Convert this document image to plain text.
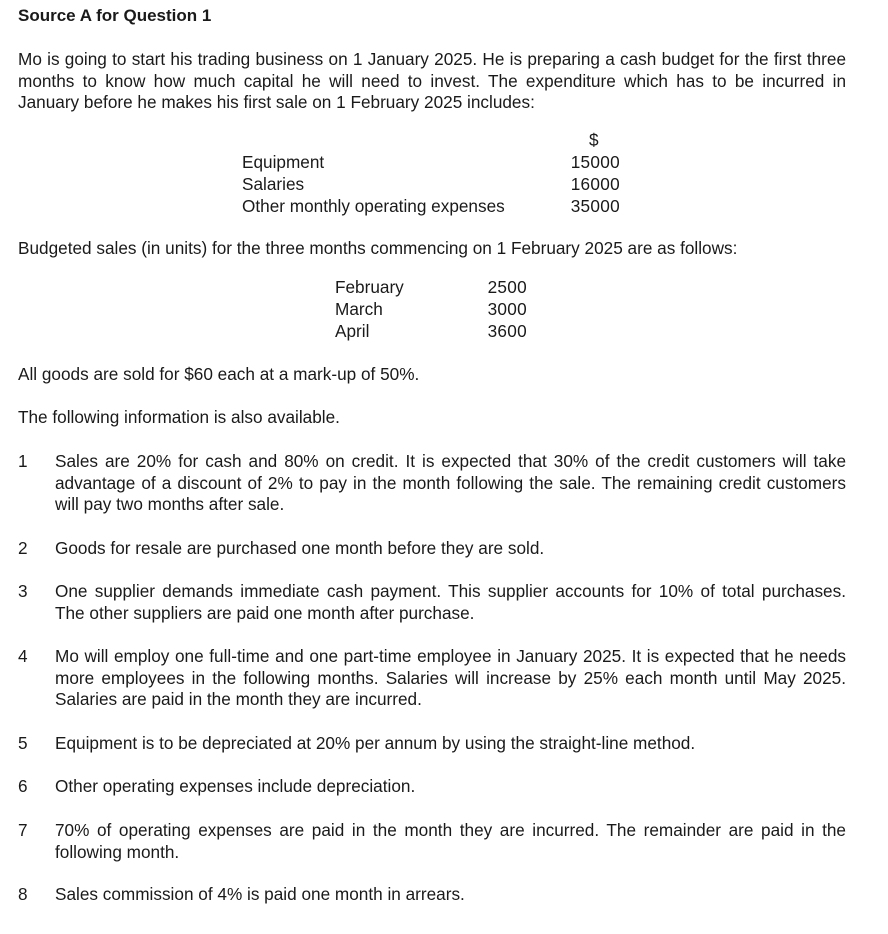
Source A for Question 1
Mo is going to start his trading business on 1 January 2025. He is preparing a cash budget for the first three months to know how much capital he will need to invest. The expenditure which has to be incurred in January before he makes his first sale on 1 February 2025 includes:
$
Equipment	15000
Salaries	16000
Other monthly operating expenses	35000
Budgeted sales (in units) for the three months commencing on 1 February 2025 are as follows:
February	2500
March	3000
April	3600
All goods are sold for $60 each at a mark-up of 50%.
The following information is also available.
1 Sales are 20% for cash and 80% on credit. It is expected that 30% of the credit customers will take advantage of a discount of 2% to pay in the month following the sale. The remaining credit customers will pay two months after sale.
2 Goods for resale are purchased one month before they are sold.
3 One supplier demands immediate cash payment. This supplier accounts for 10% of total purchases. The other suppliers are paid one month after purchase.
4 Mo will employ one full-time and one part-time employee in January 2025. It is expected that he needs more employees in the following months. Salaries will increase by 25% each month until May 2025. Salaries are paid in the month they are incurred.
5 Equipment is to be depreciated at 20% per annum by using the straight-line method.
6 Other operating expenses include depreciation.
7 70% of operating expenses are paid in the month they are incurred. The remainder are paid in the following month.
8 Sales commission of 4% is paid one month in arrears.
